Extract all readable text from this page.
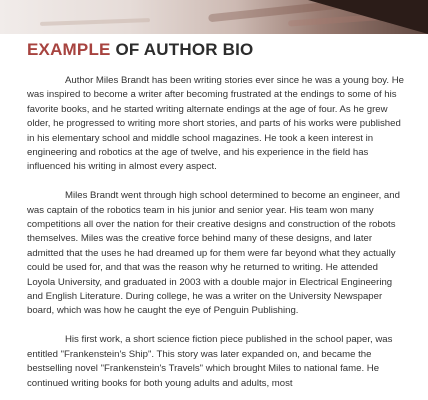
EXAMPLE OF AUTHOR BIO

Author Miles Brandt has been writing stories ever since he was a young boy. He was inspired to become a writer after becoming frustrated at the endings to some of his favorite books, and he started writing alternate endings at the age of four. As he grew older, he progressed to writing more short stories, and parts of his works were published in his elementary school and middle school magazines. He took a keen interest in engineering and robotics at the age of twelve, and his experience in the field has influenced his writing in almost every aspect.

Miles Brandt went through high school determined to become an engineer, and was captain of the robotics team in his junior and senior year. His team won many competitions all over the nation for their creative designs and construction of the robots themselves. Miles was the creative force behind many of these designs, and later admitted that the uses he had dreamed up for them were far beyond what they actually could be used for, and that was the reason why he returned to writing. He attended Loyola University, and graduated in 2003 with a double major in Electrical Engineering and English Literature. During college, he was a writer on the University Newspaper board, which was how he caught the eye of Penguin Publishing.

His first work, a short science fiction piece published in the school paper, was entitled "Frankenstein's Ship". This story was later expanded on, and became the bestselling novel "Frankenstein's Travels" which brought Miles to national fame. He continued writing books for both young adults and adults, most
